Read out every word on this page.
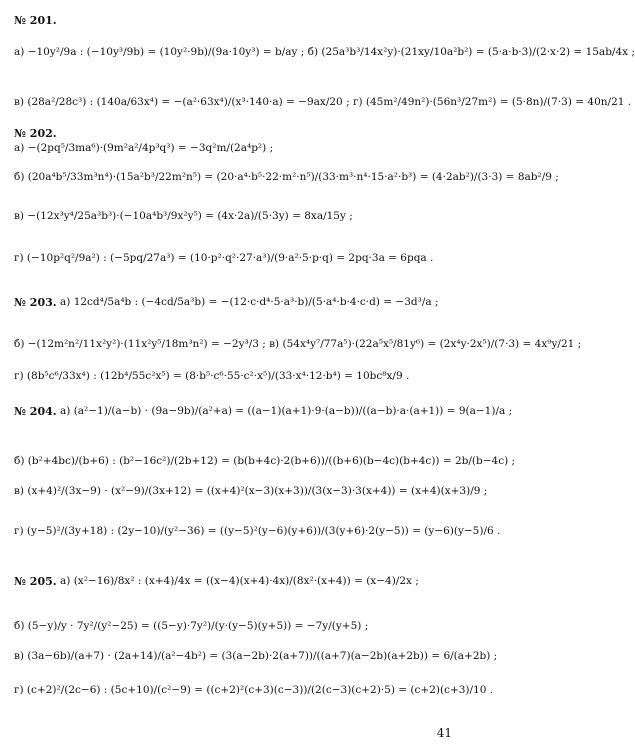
№ 201.
а) −10y²/9a : (−10y³/9b) = (10y²·9b)/(9a·10y³) = b/ay ; б) (25a³b³/14x²y)·(21xy/10a²b²) = (5·a·b·3)/(2·x·2) = 15ab/4x ;
в) (28a²/28c³) : (140a/63x⁴) = −(a²·63x⁴)/(x³·140·a) = −9ax/20 ; г) (45m²/49n²)·(56n³/27m²) = (5·8n)/(7·3) = 40n/21 .
№ 202.
а) −(2pq⁵/3ma⁶)·(9m²a²/4p³q³) = −3q²m/(2a⁴p²) ;
б) (20a⁴b⁵/33m³n⁴)·(15a²b³/22m²n⁵) = (20·a⁴·b⁵·22·m²·n⁵)/(33·m³·n⁴·15·a²·b³) = (4·2ab²)/(3·3) = 8ab²/9 ;
в) −(12x³y⁴/25a³b³)·(−10a⁴b³/9x²y⁵) = (4x·2a)/(5·3y) = 8xa/15y ;
г) (−10p²q²/9a²) : (−5pq/27a³) = (10·p²·q²·27·a³)/(9·a²·5·p·q) = 2pq·3a = 6pqa .
№ 203. а) 12cd⁴/5a⁴b : (−4cd/5a³b) = −(12·c·d⁴·5·a³·b)/(5·a⁴·b·4·c·d) = −3d³/a ;
б) −(12m²n²/11x²y²)·(11x²y⁵/18m³n²) = −2y³/3 ; в) (54x⁴y⁷/77a⁵)·(22a⁵x⁵/81y⁶) = (2x⁴y·2x⁵)/(7·3) = 4x⁹y/21 ;
г) (8b⁵c⁶/33x⁴) : (12b⁴/55c²x⁵) = (8·b⁵·c⁶·55·c²·x⁵)/(33·x⁴·12·b⁴) = 10bc⁸x/9 .
№ 204. а) (a²−1)/(a−b) · (9a−9b)/(a²+a) = ((a−1)(a+1)·9·(a−b))/((a−b)·a·(a+1)) = 9(a−1)/a ;
б) (b²+4bc)/(b+6) : (b²−16c²)/(2b+12) = (b(b+4c)·2(b+6))/((b+6)(b−4c)(b+4c)) = 2b/(b−4c) ;
в) (x+4)²/(3x−9) · (x²−9)/(3x+12) = ((x+4)²(x−3)(x+3))/(3(x−3)·3(x+4)) = (x+4)(x+3)/9 ;
г) (y−5)²/(3y+18) : (2y−10)/(y²−36) = ((y−5)²(y−6)(y+6))/(3(y+6)·2(y−5)) = (y−6)(y−5)/6 .
№ 205. а) (x²−16)/8x² : (x+4)/4x = ((x−4)(x+4)·4x)/(8x²·(x+4)) = (x−4)/2x ;
б) (5−y)/y · 7y²/(y²−25) = ((5−y)·7y²)/(y·(y−5)(y+5)) = −7y/(y+5) ;
в) (3a−6b)/(a+7) · (2a+14)/(a²−4b²) = (3(a−2b)·2(a+7))/((a+7)(a−2b)(a+2b)) = 6/(a+2b) ;
г) (c+2)²/(2c−6) : (5c+10)/(c²−9) = ((c+2)²(c+3)(c−3))/(2(c−3)(c+2)·5) = (c+2)(c+3)/10 .
41
